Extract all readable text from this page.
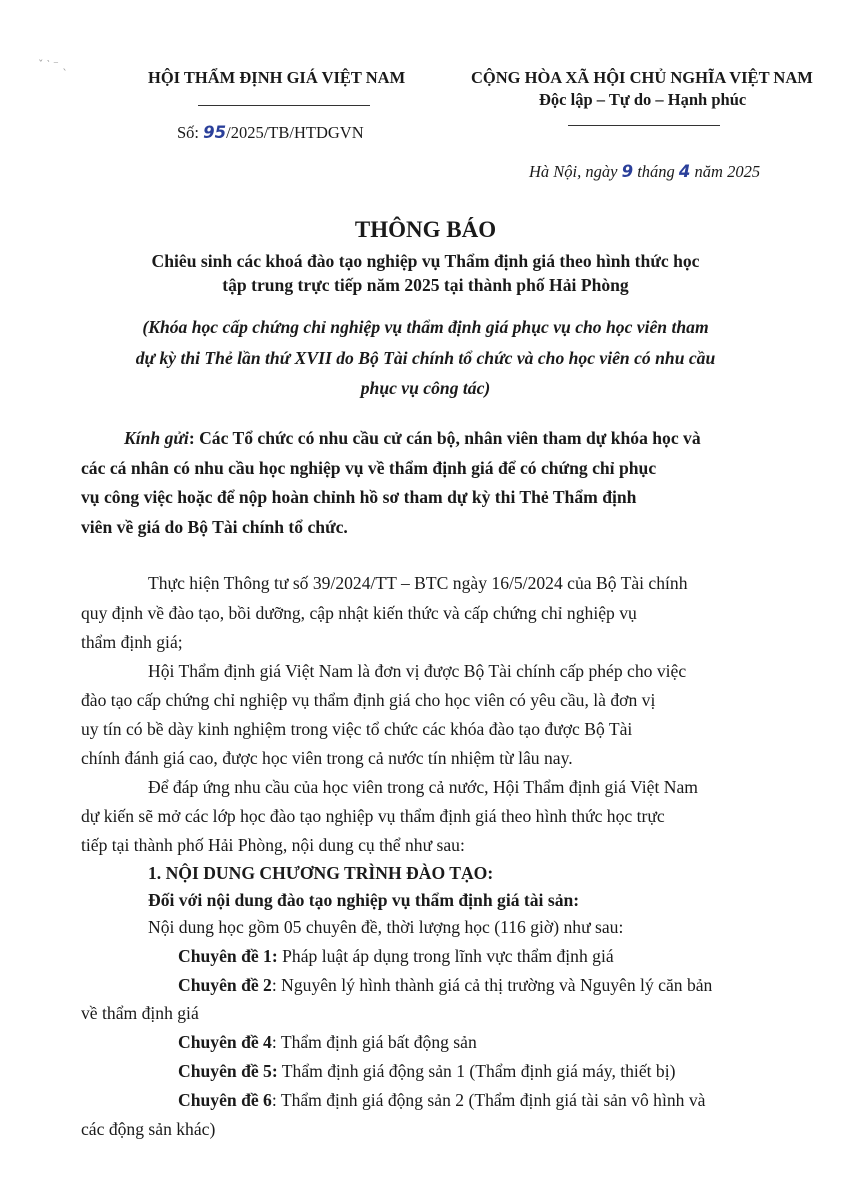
ˇ ‵ ⁻ ˎ
HỘI THẨM ĐỊNH GIÁ VIỆT NAM
Số: 95/2025/TB/HTDGVN
CỘNG HÒA XÃ HỘI CHỦ NGHĨA VIỆT NAM
Độc lập – Tự do – Hạnh phúc
Hà Nội, ngày 9 tháng 4 năm 2025
THÔNG BÁO
Chiêu sinh các khoá đào tạo nghiệp vụ Thẩm định giá theo hình thức học
tập trung trực tiếp năm 2025 tại thành phố Hải Phòng
(Khóa học cấp chứng chỉ nghiệp vụ thẩm định giá phục vụ cho học viên tham
dự kỳ thi Thẻ lần thứ XVII do Bộ Tài chính tổ chức và cho học viên có nhu cầu
phục vụ công tác)
Kính gửi: Các Tổ chức có nhu cầu cử cán bộ, nhân viên tham dự khóa học và
các cá nhân có nhu cầu học nghiệp vụ về thẩm định giá để có chứng chỉ phục
vụ công việc hoặc để nộp hoàn chỉnh hồ sơ tham dự kỳ thi Thẻ Thẩm định
viên về giá do Bộ Tài chính tổ chức.
Thực hiện Thông tư số 39/2024/TT – BTC ngày 16/5/2024 của Bộ Tài chính
quy định về đào tạo, bồi dưỡng, cập nhật kiến thức và cấp chứng chỉ nghiệp vụ
thẩm định giá;
Hội Thẩm định giá Việt Nam là đơn vị được Bộ Tài chính cấp phép cho việc
đào tạo cấp chứng chỉ nghiệp vụ thẩm định giá cho học viên có yêu cầu, là đơn vị
uy tín có bề dày kinh nghiệm trong việc tổ chức các khóa đào tạo được Bộ Tài
chính đánh giá cao, được học viên trong cả nước tín nhiệm từ lâu nay.
Để đáp ứng nhu cầu của học viên trong cả nước, Hội Thẩm định giá Việt Nam
dự kiến sẽ mở các lớp học đào tạo nghiệp vụ thẩm định giá theo hình thức học trực
tiếp tại thành phố Hải Phòng, nội dung cụ thể như sau:
1. NỘI DUNG CHƯƠNG TRÌNH ĐÀO TẠO:
Đối với nội dung đào tạo nghiệp vụ thẩm định giá tài sản:
Nội dung học gồm 05 chuyên đề, thời lượng học (116 giờ) như sau:
Chuyên đề 1: Pháp luật áp dụng trong lĩnh vực thẩm định giá
Chuyên đề 2: Nguyên lý hình thành giá cả thị trường và Nguyên lý căn bản
về thẩm định giá
Chuyên đề 4: Thẩm định giá bất động sản
Chuyên đề 5: Thẩm định giá động sản 1 (Thẩm định giá máy, thiết bị)
Chuyên đề 6: Thẩm định giá động sản 2 (Thẩm định giá tài sản vô hình và
các động sản khác)
